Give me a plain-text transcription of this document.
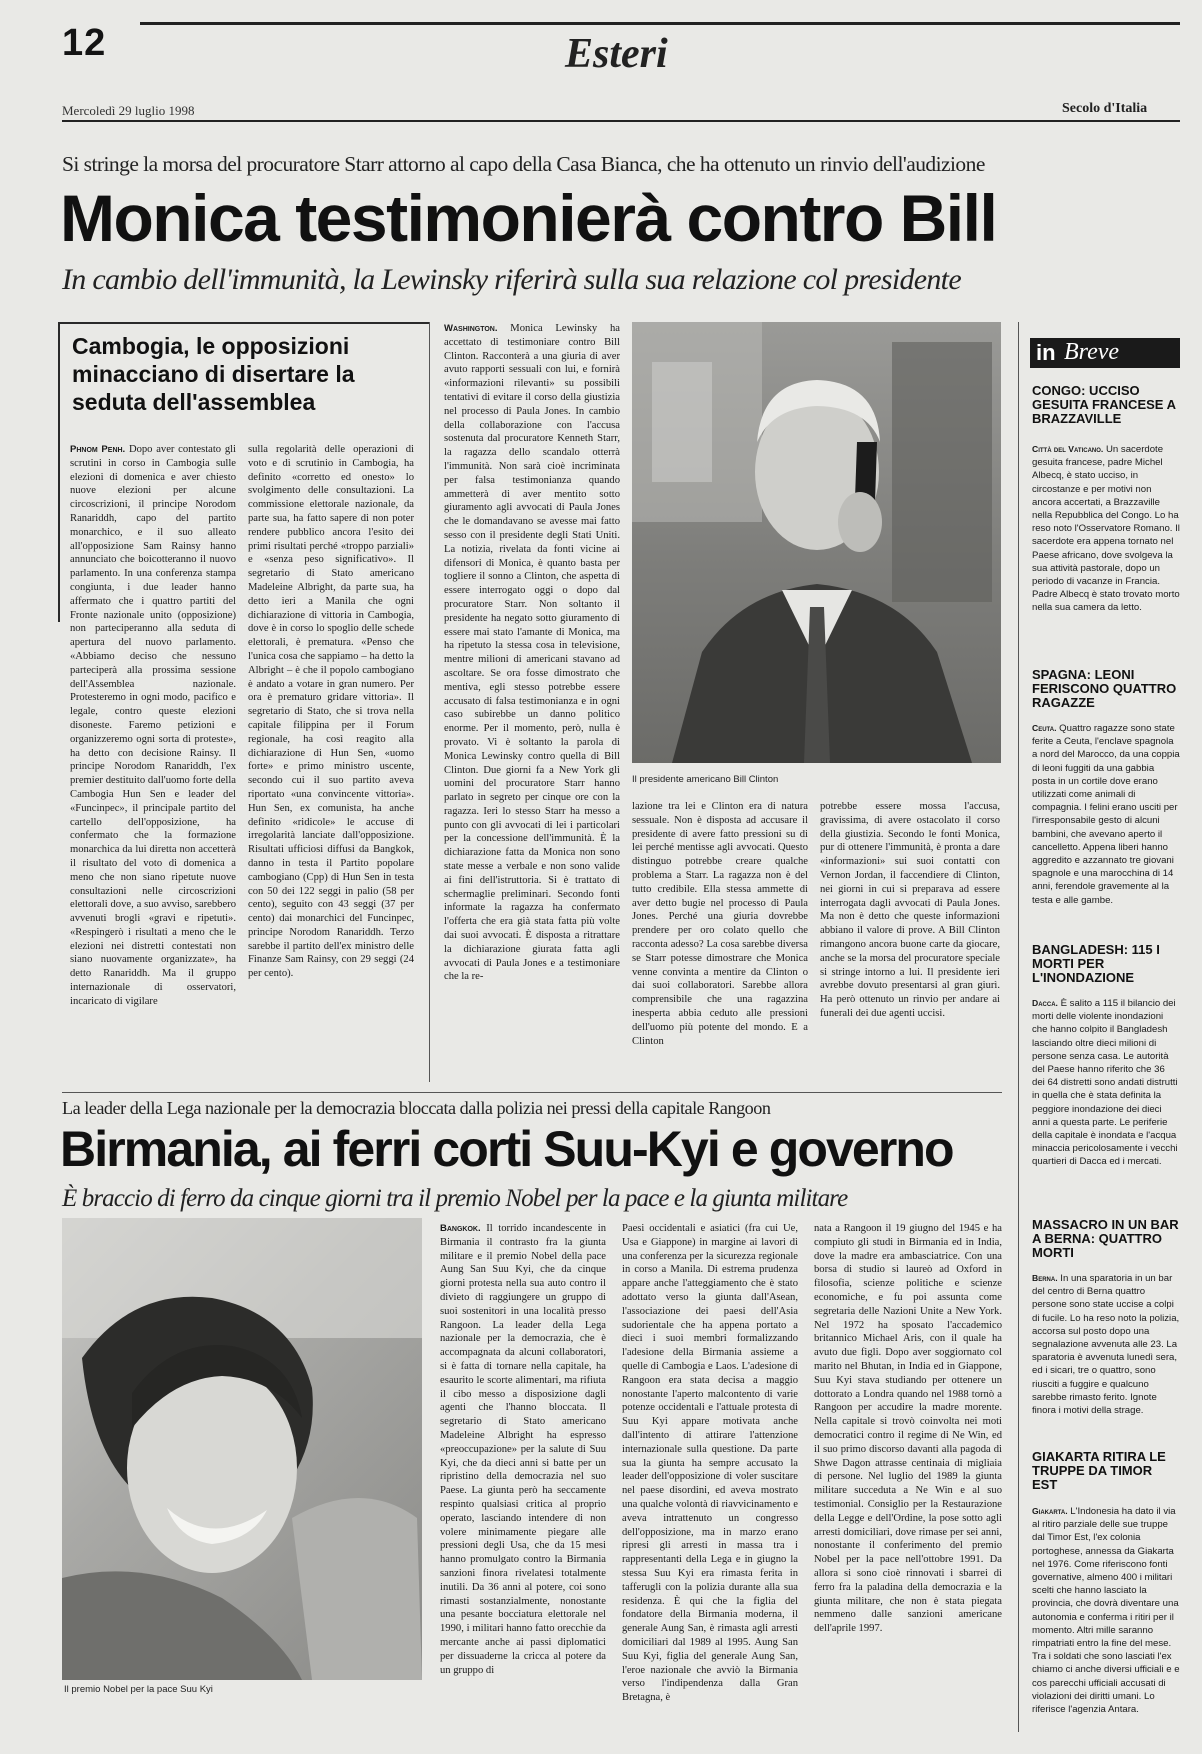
12	Esteri
Mercoledì 29 luglio 1998	Secolo d'Italia
Si stringe la morsa del procuratore Starr attorno al capo della Casa Bianca, che ha ottenuto un rinvio dell'audizione
Monica testimonierà contro Bill
In cambio dell'immunità, la Lewinsky riferirà sulla sua relazione col presidente
Cambogia, le opposizioni minacciano di disertare la seduta dell'assemblea

Phnom Penh. Dopo aver contestato gli scrutini in corso in Cambogia sulle elezioni di domenica e aver chiesto nuove elezioni per alcune circoscrizioni, il principe Norodom Ranariddh, capo del partito monarchico, e il suo alleato all'opposizione Sam Rainsy hanno annunciato che boicotteranno il nuovo parlamento. In una conferenza stampa congiunta, i due leader hanno affermato che i quattro partiti del Fronte nazionale unito (opposizione) non parteciperanno alla seduta di apertura del nuovo parlamento. «Abbiamo deciso che nessuno parteciperà alla prossima sessione dell'Assemblea nazionale. Protesteremo in ogni modo, pacifico e legale, contro queste elezioni disoneste. Faremo petizioni e organizzeremo ogni sorta di proteste», ha detto con decisione Rainsy. Il principe Norodom Ranariddh, l'ex premier destituito dall'uomo forte della Cambogia Hun Sen e leader del «Funcinpec», il principale partito del cartello dell'opposizione, ha confermato che la formazione monarchica da lui diretta non accetterà il risultato del voto di domenica a meno che non siano ripetute nuove consultazioni nelle circoscrizioni elettorali dove, a suo avviso, sarebbero avvenuti brogli «gravi e ripetuti». «Respingerò i risultati a meno che le elezioni nei distretti contestati non siano nuovamente organizzate», ha detto Ranariddh. Ma il gruppo internazionale di osservatori, incaricato di vigilare

sulla regolarità delle operazioni di voto e di scrutinio in Cambogia, ha definito «corretto ed onesto» lo svolgimento delle consultazioni. La commissione elettorale nazionale, da parte sua, ha fatto sapere di non poter rendere pubblico ancora l'esito dei primi risultati perché «troppo parziali» e «senza peso significativo». Il segretario di Stato americano Madeleine Albright, da parte sua, ha detto ieri a Manila che ogni dichiarazione di vittoria in Cambogia, dove è in corso lo spoglio delle schede elettorali, è prematura. «Penso che l'unica cosa che sappiamo – ha detto la Albright – è che il popolo cambogiano è andato a votare in gran numero. Per ora è prematuro gridare vittoria». Il segretario di Stato, che si trova nella capitale filippina per il Forum regionale, ha così reagito alla dichiarazione di Hun Sen, «uomo forte» e primo ministro uscente, secondo cui il suo partito aveva riportato «una convincente vittoria». Hun Sen, ex comunista, ha anche definito «ridicole» le accuse di irregolarità lanciate dall'opposizione. Risultati ufficiosi diffusi da Bangkok, danno in testa il Partito popolare cambogiano (Cpp) di Hun Sen in testa con 50 dei 122 seggi in palio (58 per cento), seguito con 43 seggi (37 per cento) dai monarchici del Funcinpec, principe Norodom Ranariddh. Terzo sarebbe il partito dell'ex ministro delle Finanze Sam Rainsy, con 29 seggi (24 per cento).

Washington. Monica Lewinsky ha accettato di testimoniare contro Bill Clinton. Racconterà a una giuria di aver avuto rapporti sessuali con lui, e fornirà «informazioni rilevanti» su possibili tentativi di evitare il corso della giustizia nel processo di Paula Jones. In cambio della collaborazione con l'accusa sostenuta dal procuratore Kenneth Starr, la ragazza dello scandalo otterrà l'immunità. Non sarà cioè incriminata per falsa testimonianza quando ammetterà di aver mentito sotto giuramento agli avvocati di Paula Jones che le domandavano se avesse mai fatto sesso con il presidente degli Stati Uniti. La notizia, rivelata da fonti vicine ai difensori di Monica, è quanto basta per togliere il sonno a Clinton, che aspetta di essere interrogato oggi o dopo dal procuratore Starr. Non soltanto il presidente ha negato sotto giuramento di essere mai stato l'amante di Monica, ma ha ripetuto la stessa cosa in televisione, mentre milioni di americani stavano ad ascoltare. Se ora fosse dimostrato che mentiva, egli stesso potrebbe essere accusato di falsa testimonianza e in ogni caso subirebbe un danno politico enorme. Per il momento, però, nulla è provato. Vi è soltanto la parola di Monica Lewinsky contro quella di Bill Clinton. Due giorni fa a New York gli uomini del procuratore Starr hanno parlato in segreto per cinque ore con la ragazza. Ieri lo stesso Starr ha messo a punto con gli avvocati di lei i particolari per la concessione dell'immunità. È la dichiarazione fatta da Monica non sono state messe a verbale e non sono valide ai fini dell'istruttoria. Si è trattato di schermaglie preliminari. Secondo fonti informate la ragazza ha confermato l'offerta che era già stata fatta più volte dai suoi avvocati. È disposta a ritrattare la dichiarazione giurata fatta agli avvocati di Paula Jones e a testimoniare che la re-

Il presidente americano Bill Clinton

lazione tra lei e Clinton era di natura sessuale. Non è disposta ad accusare il presidente di avere fatto pressioni su di lei perché mentisse agli avvocati. Questo distinguo potrebbe creare qualche problema a Starr. La ragazza non è del tutto credibile. Ella stessa ammette di aver detto bugie nel processo di Paula Jones. Perché una giuria dovrebbe prendere per oro colato quello che racconta adesso? La cosa sarebbe diversa se Starr potesse dimostrare che Monica venne convinta a mentire da Clinton o dai suoi collaboratori. Sarebbe allora comprensibile che una ragazzina inesperta abbia ceduto alle pressioni dell'uomo più potente del mondo. E a Clinton

potrebbe essere mossa l'accusa, gravissima, di avere ostacolato il corso della giustizia. Secondo le fonti Monica, pur di ottenere l'immunità, è pronta a dare «informazioni» sui suoi contatti con Vernon Jordan, il faccendiere di Clinton, nei giorni in cui si preparava ad essere interrogata dagli avvocati di Paula Jones. Ma non è detto che queste informazioni abbiano il valore di prove. A Bill Clinton rimangono ancora buone carte da giocare, anche se la morsa del procuratore speciale si stringe intorno a lui. Il presidente ieri avrebbe dovuto presentarsi al gran giurì. Ha però ottenuto un rinvio per andare ai funerali dei due agenti uccisi.

in Breve
CONGO: UCCISO GESUITA FRANCESE A BRAZZAVILLE
Città del Vaticano. Un sacerdote gesuita francese, padre Michel Albecq, è stato ucciso, in circostanze e per motivi non ancora accertati, a Brazzaville nella Repubblica del Congo. Lo ha reso noto l'Osservatore Romano. Il sacerdote era appena tornato nel Paese africano, dove svolgeva la sua attività pastorale, dopo un periodo di vacanze in Francia. Padre Albecq è stato trovato morto nella sua camera da letto.
SPAGNA: LEONI FERISCONO QUATTRO RAGAZZE
Ceuta. Quattro ragazze sono state ferite a Ceuta, l'enclave spagnola a nord del Marocco, da una coppia di leoni fuggiti da una gabbia posta in un cortile dove erano utilizzati come animali di compagnia. I felini erano usciti per l'irresponsabile gesto di alcuni bambini, che avevano aperto il cancelletto. Appena liberi hanno aggredito e azzannato tre giovani spagnole e una marocchina di 14 anni, ferendole gravemente al la testa e alle gambe.
BANGLADESH: 115 I MORTI PER L'INONDAZIONE
Dacca. È salito a 115 il bilancio dei morti delle violente inondazioni che hanno colpito il Bangladesh lasciando oltre dieci milioni di persone senza casa. Le autorità del Paese hanno riferito che 36 dei 64 distretti sono andati distrutti in quella che è stata definita la peggiore inondazione dei dieci anni a questa parte. Le periferie della capitale è inondata e l'acqua minaccia pericolosamente i vecchi quartieri di Dacca ed i mercati.
MASSACRO IN UN BAR A BERNA: QUATTRO MORTI
Berna. In una sparatoria in un bar del centro di Berna quattro persone sono state uccise a colpi di fucile. Lo ha reso noto la polizia, accorsa sul posto dopo una segnalazione avvenuta alle 23. La sparatoria è avvenuta lunedì sera, ed i sicari, tre o quattro, sono riusciti a fuggire e qualcuno sarebbe rimasto ferito. Ignote finora i motivi della strage.
GIAKARTA RITIRA LE TRUPPE DA TIMOR EST
Giakarta. L'Indonesia ha dato il via al ritiro parziale delle sue truppe dal Timor Est, l'ex colonia portoghese, annessa da Giakarta nel 1976. Come riferiscono fonti governative, almeno 400 i militari scelti che hanno lasciato la provincia, che dovrà diventare una autonomia e conferma i ritiri per il momento. Altri mille saranno rimpatriati entro la fine del mese. Tra i soldati che sono lasciati l'ex chiamo ci anche diversi ufficiali e e cos parecchi ufficiali accusati di violazioni dei diritti umani. Lo riferisce l'agenzia Antara.
La leader della Lega nazionale per la democrazia bloccata dalla polizia nei pressi della capitale Rangoon
Birmania, ai ferri corti Suu-Kyi e governo
È braccio di ferro da cinque giorni tra il premio Nobel per la pace e la giunta militare
Il premio Nobel per la pace Suu Kyi

Bangkok. Il torrido incandescente in Birmania il contrasto fra la giunta militare e il premio Nobel della pace Aung San Suu Kyi, che da cinque giorni protesta nella sua auto contro il divieto di raggiungere un gruppo di suoi sostenitori in una località presso Rangoon. La leader della Lega nazionale per la democrazia, che è accompagnata da alcuni collaboratori, si è fatta di tornare nella capitale, ha esaurito le scorte alimentari, ma rifiuta il cibo messo a disposizione dagli agenti che l'hanno bloccata. Il segretario di Stato americano Madeleine Albright ha espresso «preoccupazione» per la salute di Suu Kyi, che da dieci anni si batte per un ripristino della democrazia nel suo Paese. La giunta però ha seccamente respinto qualsiasi critica al proprio operato, lasciando intendere di non volere minimamente piegare alle pressioni degli Usa, che da 15 mesi hanno promulgato contro la Birmania sanzioni finora rivelatesi totalmente inutili. Da 36 anni al potere, coi sono rimasti sostanzialmente, nonostante una pesante bocciatura elettorale nel 1990, i militari hanno fatto orecchie da mercante anche ai passi diplomatici per dissuaderne la cricca al potere da un gruppo di

Paesi occidentali e asiatici (fra cui Ue, Usa e Giappone) in margine ai lavori di una conferenza per la sicurezza regionale in corso a Manila. Di estrema prudenza appare anche l'atteggiamento che è stato adottato verso la giunta dall'Asean, l'associazione dei paesi dell'Asia sudorientale che ha appena portato a dieci i suoi membri formalizzando l'adesione della Birmania assieme a quelle di Cambogia e Laos. L'adesione di Rangoon era stata decisa a maggio nonostante l'aperto malcontento di varie potenze occidentali e l'attuale protesta di Suu Kyi appare motivata anche dall'intento di attirare l'attenzione internazionale sulla questione. Da parte sua la giunta ha sempre accusato la leader dell'opposizione di voler suscitare nel paese disordini, ed aveva mostrato una qualche volontà di riavvicinamento e aveva intrattenuto un congresso dell'opposizione, ma in marzo erano ripresi gli arresti in massa tra i rappresentanti della Lega e in giugno la stessa Suu Kyi era rimasta ferita in tafferugli con la polizia durante alla sua residenza. È qui che la figlia del fondatore della Birmania moderna, il generale Aung San, è rimasta agli arresti domiciliari dal 1989 al 1995. Aung San Suu Kyi, figlia del generale Aung San, l'eroe nazionale che avviò la Birmania verso l'indipendenza dalla Gran Bretagna, è

nata a Rangoon il 19 giugno del 1945 e ha compiuto gli studi in Birmania ed in India, dove la madre era ambasciatrice. Con una borsa di studio si laureò ad Oxford in filosofia, scienze politiche e scienze economiche, e fu poi assunta come segretaria delle Nazioni Unite a New York. Nel 1972 ha sposato l'accademico britannico Michael Aris, con il quale ha avuto due figli. Dopo aver soggiornato col marito nel Bhutan, in India ed in Giappone, Suu Kyi stava studiando per ottenere un dottorato a Londra quando nel 1988 tornò a Rangoon per accudire la madre morente. Nella capitale si trovò coinvolta nei moti democratici contro il regime di Ne Win, ed il suo primo discorso davanti alla pagoda di Shwe Dagon attrasse centinaia di migliaia di persone. Nel luglio del 1989 la giunta militare succeduta a Ne Win e al suo testimonial. Consiglio per la Restaurazione della Legge e dell'Ordine, la pose sotto agli arresti domiciliari, dove rimase per sei anni, nonostante il conferimento del premio Nobel per la pace nell'ottobre 1991. Da allora si sono cioè rinnovati i sbarrei di ferro fra la paladina della democrazia e la giunta militare, che non è stata piegata nemmeno dalle sanzioni americane dell'aprile 1997.
